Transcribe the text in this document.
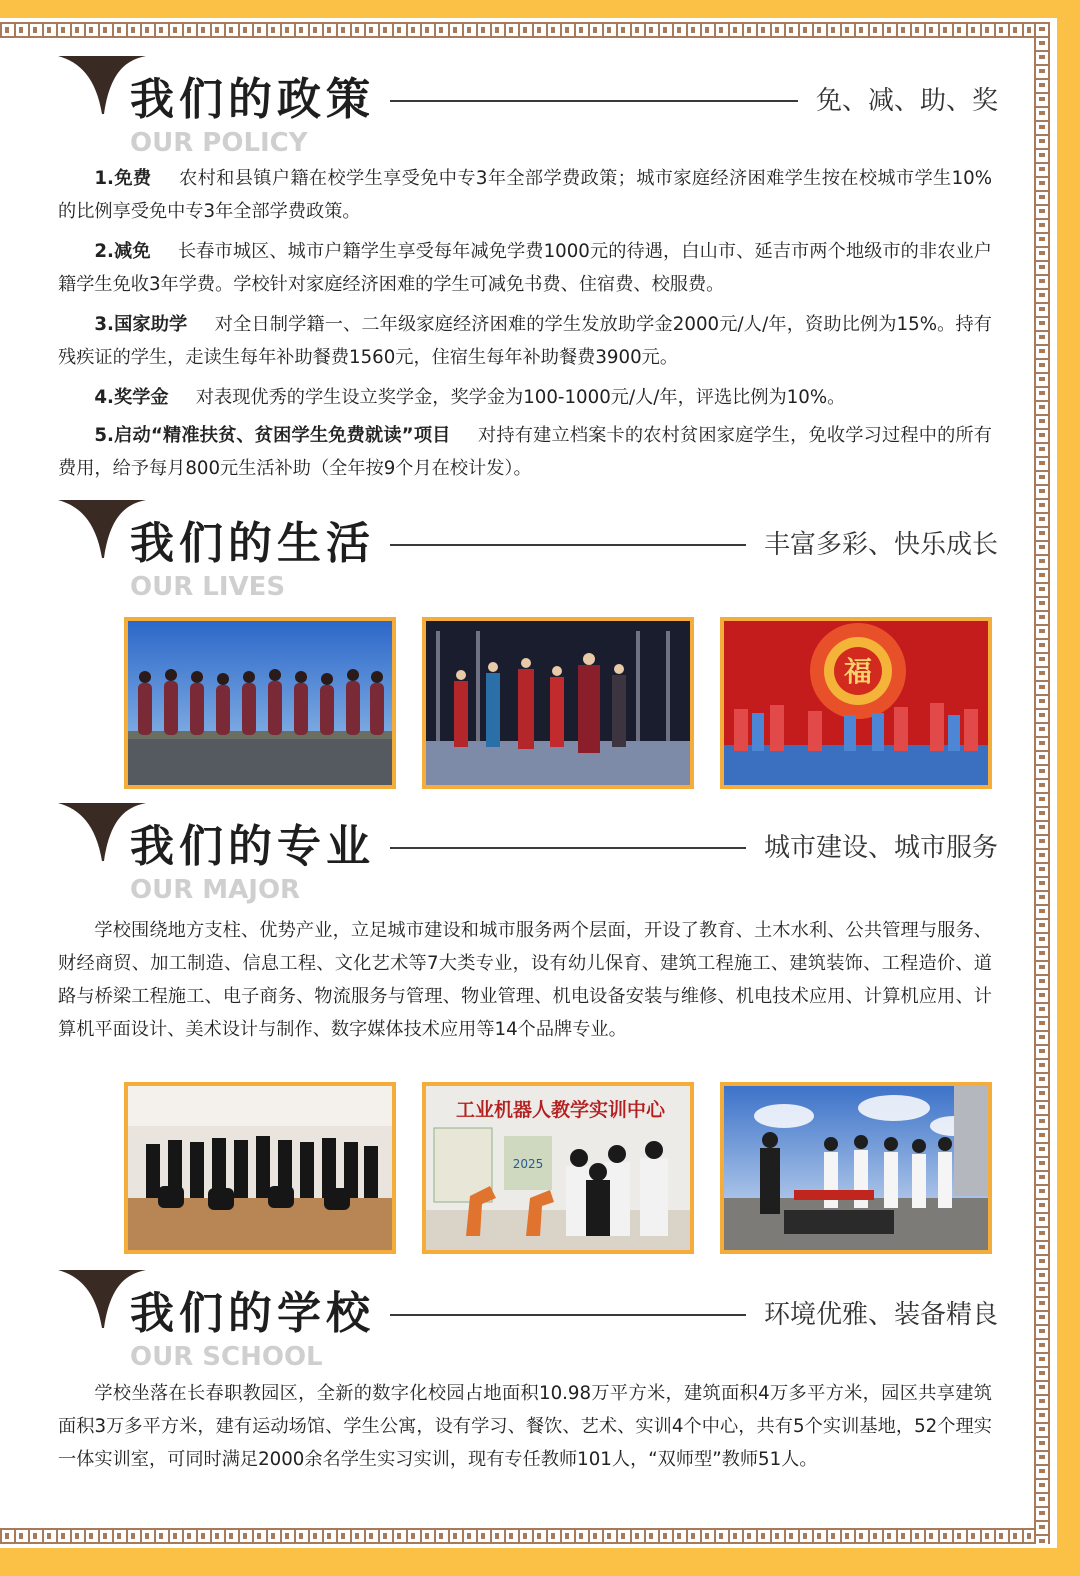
我们的政策
OUR POLICY
免、减、助、奖
1.免费 农村和县镇户籍在校学生享受免中专3年全部学费政策；城市家庭经济困难学生按在校城市学生10%的比例享受免中专3年全部学费政策。
2.减免 长春市城区、城市户籍学生享受每年减免学费1000元的待遇，白山市、延吉市两个地级市的非农业户籍学生免收3年学费。学校针对家庭经济困难的学生可减免书费、住宿费、校服费。
3.国家助学 对全日制学籍一、二年级家庭经济困难的学生发放助学金2000元/人/年，资助比例为15%。持有残疾证的学生，走读生每年补助餐费1560元，住宿生每年补助餐费3900元。
4.奖学金 对表现优秀的学生设立奖学金，奖学金为100-1000元/人/年，评选比例为10%。
5.启动“精准扶贫、贫困学生免费就读”项目 对持有建立档案卡的农村贫困家庭学生，免收学习过程中的所有费用，给予每月800元生活补助（全年按9个月在校计发）。
我们的生活
OUR LIVES
丰富多彩、快乐成长
福
我们的专业
OUR MAJOR
城市建设、城市服务
学校围绕地方支柱、优势产业，立足城市建设和城市服务两个层面，开设了教育、土木水利、公共管理与服务、财经商贸、加工制造、信息工程、文化艺术等7大类专业，设有幼儿保育、建筑工程施工、建筑装饰、工程造价、道路与桥梁工程施工、电子商务、物流服务与管理、物业管理、机电设备安装与维修、机电技术应用、计算机应用、计算机平面设计、美术设计与制作、数字媒体技术应用等14个品牌专业。
工业机器人教学实训中心
2025
我们的学校
OUR SCHOOL
环境优雅、装备精良
学校坐落在长春职教园区，全新的数字化校园占地面积10.98万平方米，建筑面积4万多平方米，园区共享建筑面积3万多平方米，建有运动场馆、学生公寓，设有学习、餐饮、艺术、实训4个中心，共有5个实训基地，52个理实一体实训室，可同时满足2000余名学生实习实训，现有专任教师101人，“双师型”教师51人。
